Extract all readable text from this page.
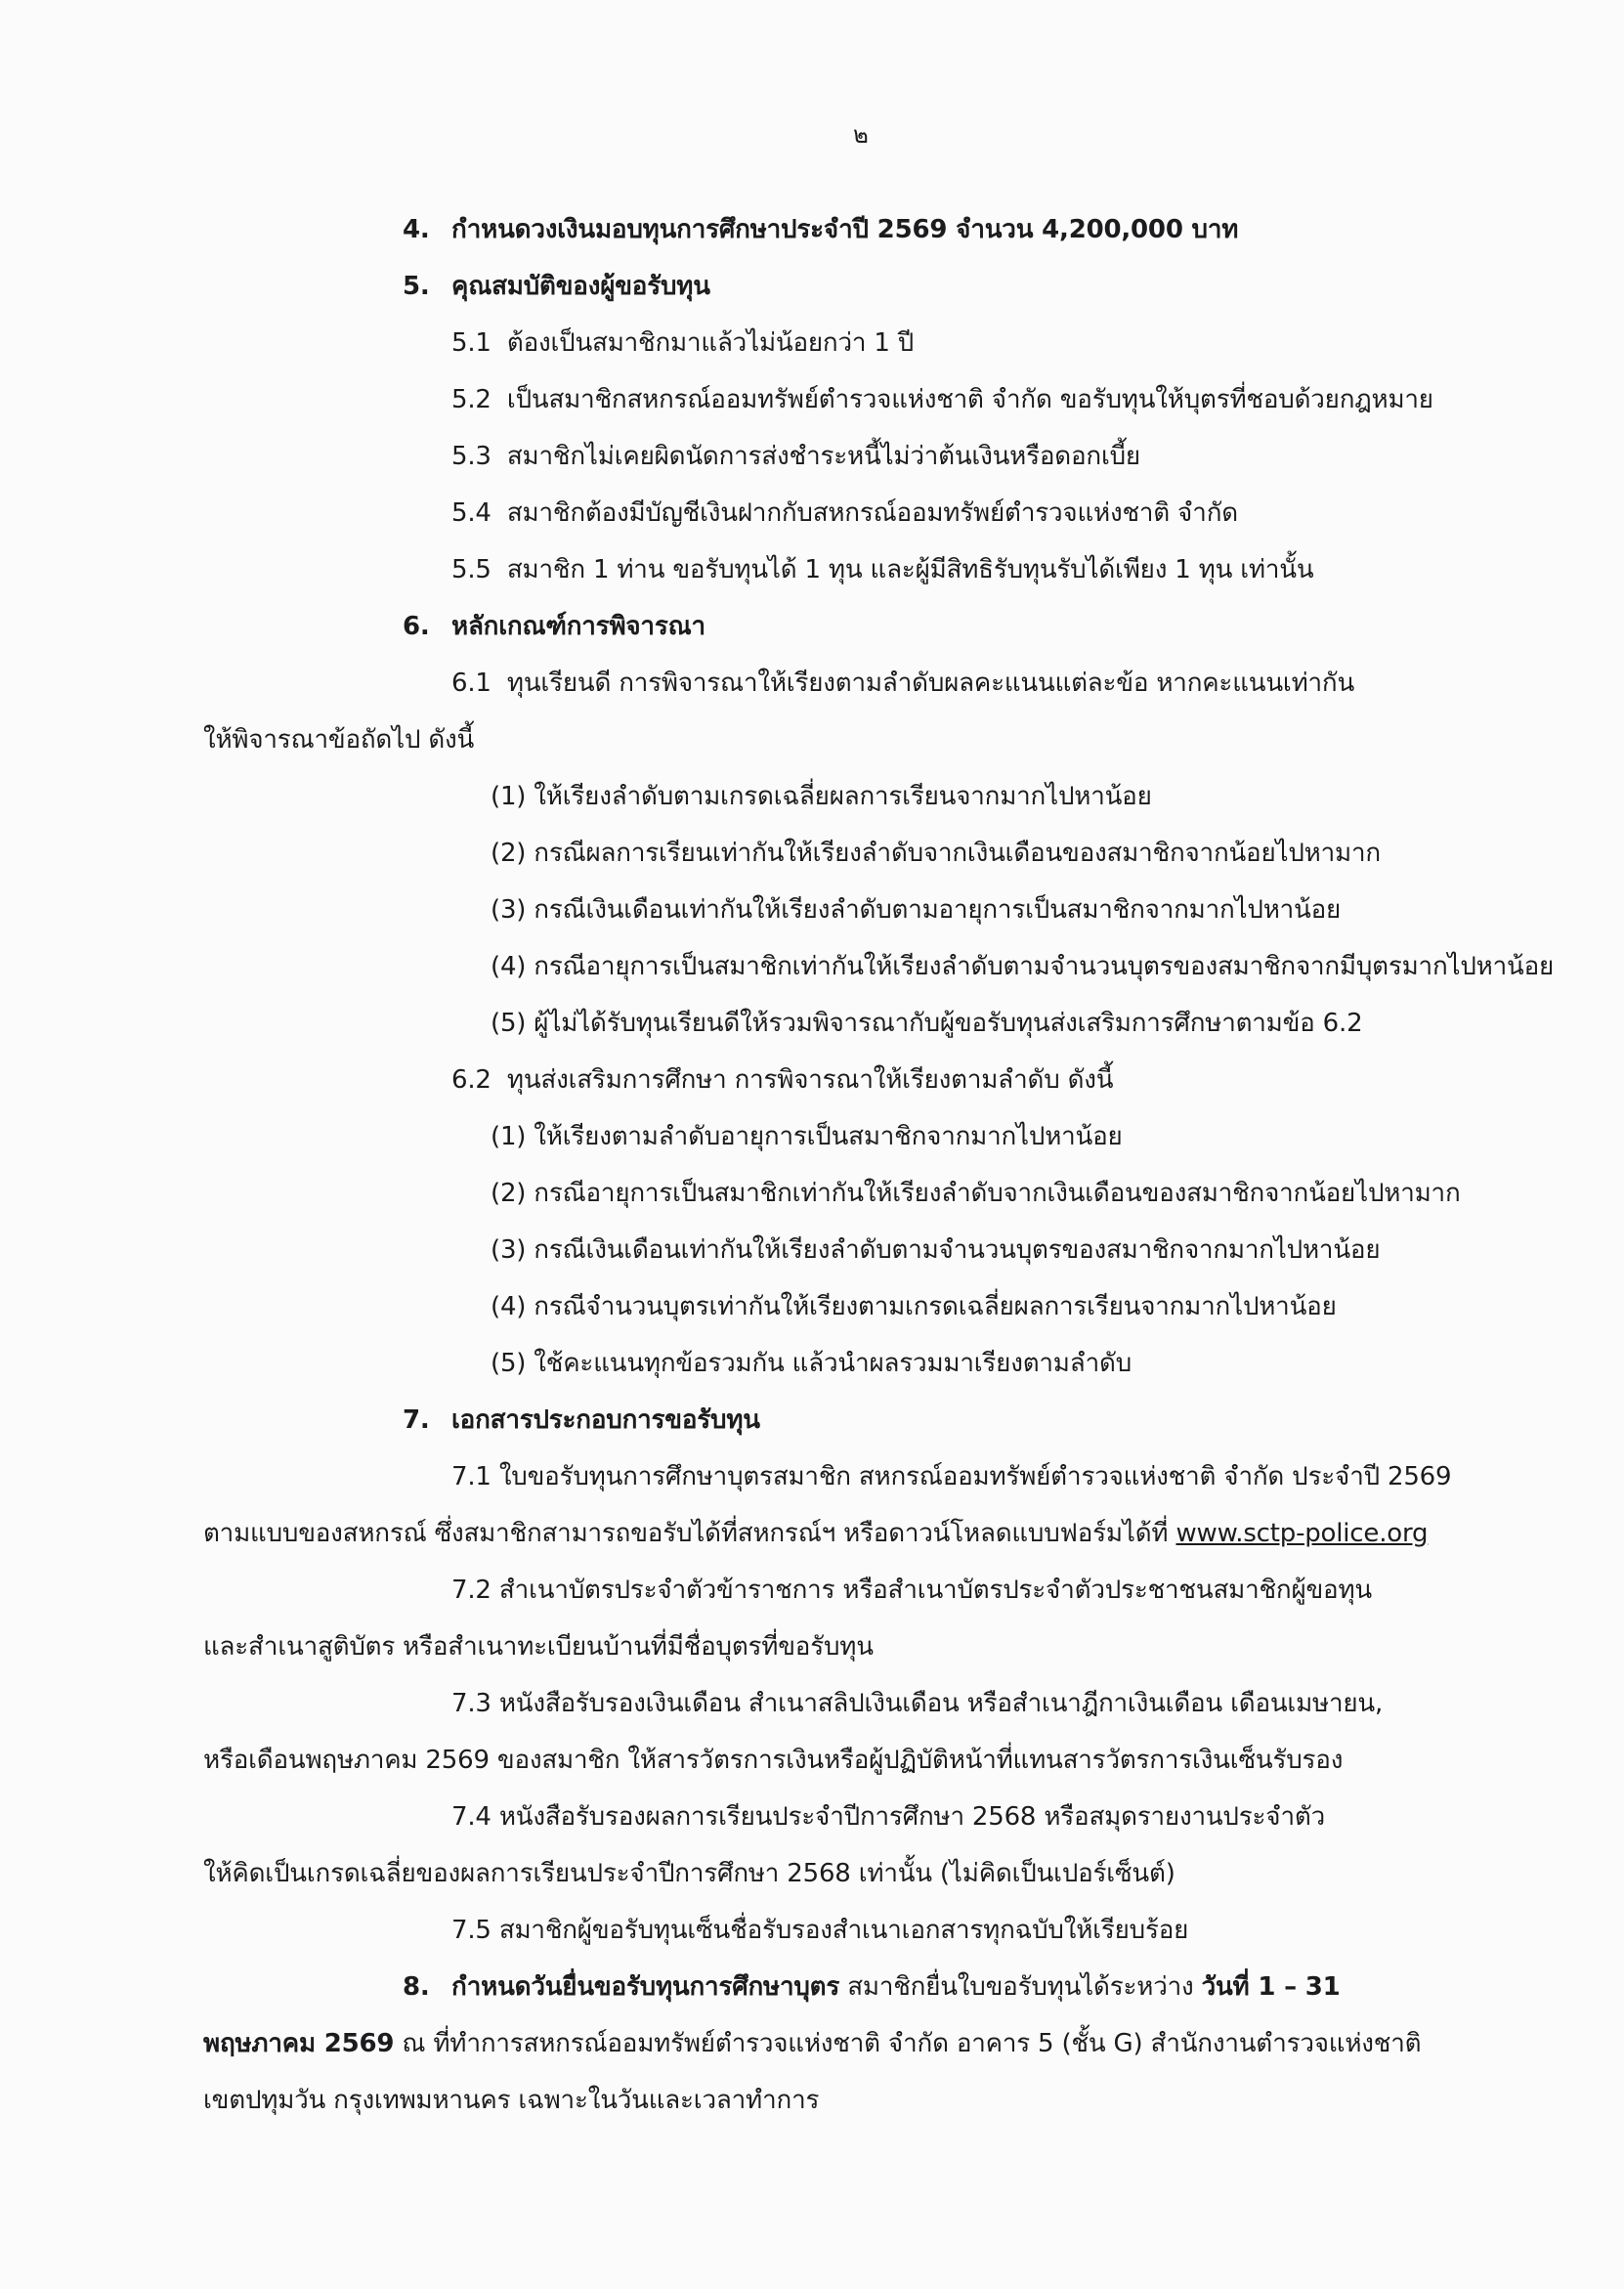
๒
4. กำหนดวงเงินมอบทุนการศึกษาประจำปี 2569 จำนวน 4,200,000 บาท
5. คุณสมบัติของผู้ขอรับทุน
5.1 ต้องเป็นสมาชิกมาแล้วไม่น้อยกว่า 1 ปี
5.2 เป็นสมาชิกสหกรณ์ออมทรัพย์ตำรวจแห่งชาติ จำกัด ขอรับทุนให้บุตรที่ชอบด้วยกฎหมาย
5.3 สมาชิกไม่เคยผิดนัดการส่งชำระหนี้ไม่ว่าต้นเงินหรือดอกเบี้ย
5.4 สมาชิกต้องมีบัญชีเงินฝากกับสหกรณ์ออมทรัพย์ตำรวจแห่งชาติ จำกัด
5.5 สมาชิก 1 ท่าน ขอรับทุนได้ 1 ทุน และผู้มีสิทธิรับทุนรับได้เพียง 1 ทุน เท่านั้น
6. หลักเกณฑ์การพิจารณา
6.1 ทุนเรียนดี การพิจารณาให้เรียงตามลำดับผลคะแนนแต่ละข้อ หากคะแนนเท่ากัน
ให้พิจารณาข้อถัดไป ดังนี้
(1) ให้เรียงลำดับตามเกรดเฉลี่ยผลการเรียนจากมากไปหาน้อย
(2) กรณีผลการเรียนเท่ากันให้เรียงลำดับจากเงินเดือนของสมาชิกจากน้อยไปหามาก
(3) กรณีเงินเดือนเท่ากันให้เรียงลำดับตามอายุการเป็นสมาชิกจากมากไปหาน้อย
(4) กรณีอายุการเป็นสมาชิกเท่ากันให้เรียงลำดับตามจำนวนบุตรของสมาชิกจากมีบุตรมากไปหาน้อย
(5) ผู้ไม่ได้รับทุนเรียนดีให้รวมพิจารณากับผู้ขอรับทุนส่งเสริมการศึกษาตามข้อ 6.2
6.2 ทุนส่งเสริมการศึกษา การพิจารณาให้เรียงตามลำดับ ดังนี้
(1) ให้เรียงตามลำดับอายุการเป็นสมาชิกจากมากไปหาน้อย
(2) กรณีอายุการเป็นสมาชิกเท่ากันให้เรียงลำดับจากเงินเดือนของสมาชิกจากน้อยไปหามาก
(3) กรณีเงินเดือนเท่ากันให้เรียงลำดับตามจำนวนบุตรของสมาชิกจากมากไปหาน้อย
(4) กรณีจำนวนบุตรเท่ากันให้เรียงตามเกรดเฉลี่ยผลการเรียนจากมากไปหาน้อย
(5) ใช้คะแนนทุกข้อรวมกัน แล้วนำผลรวมมาเรียงตามลำดับ
7. เอกสารประกอบการขอรับทุน
7.1 ใบขอรับทุนการศึกษาบุตรสมาชิก สหกรณ์ออมทรัพย์ตำรวจแห่งชาติ จำกัด ประจำปี 2569
ตามแบบของสหกรณ์ ซึ่งสมาชิกสามารถขอรับได้ที่สหกรณ์ฯ หรือดาวน์โหลดแบบฟอร์มได้ที่ www.sctp-police.org
7.2 สำเนาบัตรประจำตัวข้าราชการ หรือสำเนาบัตรประจำตัวประชาชนสมาชิกผู้ขอทุน
และสำเนาสูติบัตร หรือสำเนาทะเบียนบ้านที่มีชื่อบุตรที่ขอรับทุน
7.3 หนังสือรับรองเงินเดือน สำเนาสลิปเงินเดือน หรือสำเนาฎีกาเงินเดือน เดือนเมษายน,
หรือเดือนพฤษภาคม 2569 ของสมาชิก ให้สารวัตรการเงินหรือผู้ปฏิบัติหน้าที่แทนสารวัตรการเงินเซ็นรับรอง
7.4 หนังสือรับรองผลการเรียนประจำปีการศึกษา 2568 หรือสมุดรายงานประจำตัว
ให้คิดเป็นเกรดเฉลี่ยของผลการเรียนประจำปีการศึกษา 2568 เท่านั้น (ไม่คิดเป็นเปอร์เซ็นต์)
7.5 สมาชิกผู้ขอรับทุนเซ็นชื่อรับรองสำเนาเอกสารทุกฉบับให้เรียบร้อย
8. กำหนดวันยื่นขอรับทุนการศึกษาบุตร สมาชิกยื่นใบขอรับทุนได้ระหว่าง วันที่ 1 – 31
พฤษภาคม 2569 ณ ที่ทำการสหกรณ์ออมทรัพย์ตำรวจแห่งชาติ จำกัด อาคาร 5 (ชั้น G) สำนักงานตำรวจแห่งชาติ
เขตปทุมวัน กรุงเทพมหานคร เฉพาะในวันและเวลาทำการ
